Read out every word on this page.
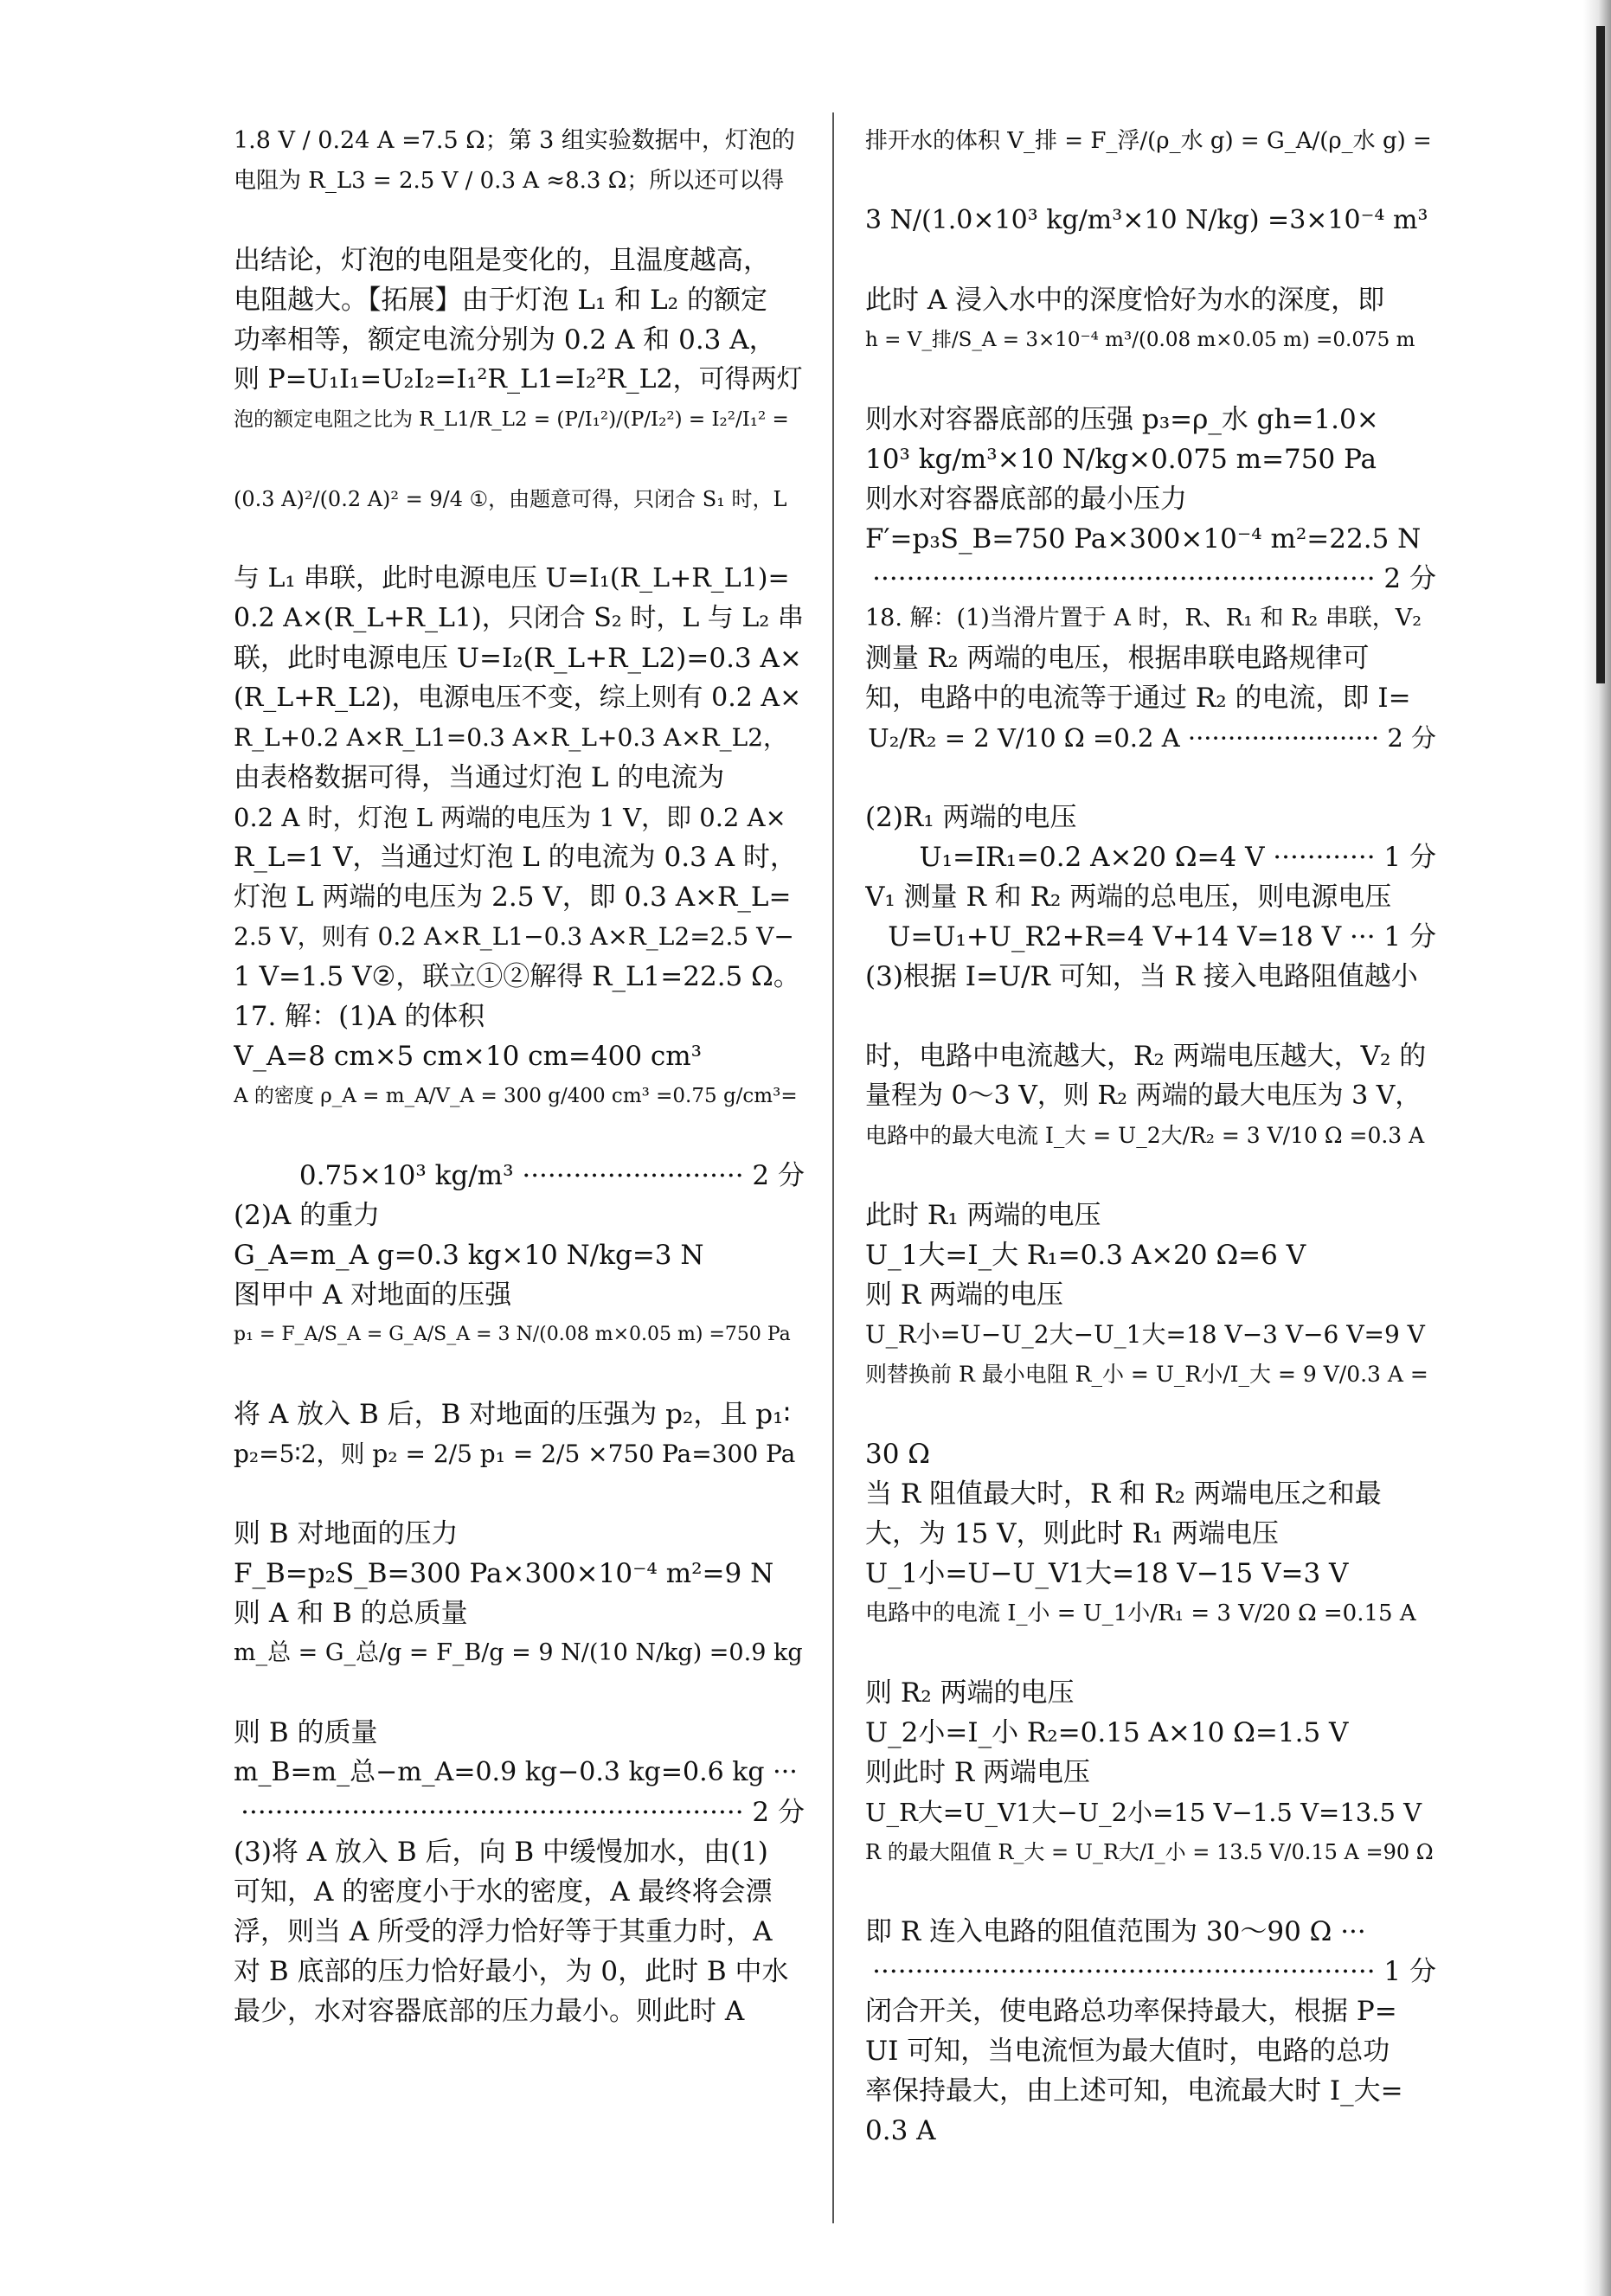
1.8 V / 0.24 A =7.5 Ω；第 3 组实验数据中，灯泡的
电阻为 R_L3 = 2.5 V / 0.3 A ≈8.3 Ω；所以还可以得
出结论，灯泡的电阻是变化的，且温度越高，
电阻越大。【拓展】由于灯泡 L₁ 和 L₂ 的额定
功率相等，额定电流分别为 0.2 A 和 0.3 A，
则 P=U₁I₁=U₂I₂=I₁²R_L1=I₂²R_L2，可得两灯
泡的额定电阻之比为 R_L1/R_L2 = (P/I₁²)/(P/I₂²) = I₂²/I₁² =
(0.3 A)²/(0.2 A)² = 9/4 ①，由题意可得，只闭合 S₁ 时，L
与 L₁ 串联，此时电源电压 U=I₁(R_L+R_L1)=
0.2 A×(R_L+R_L1)，只闭合 S₂ 时，L 与 L₂ 串
联，此时电源电压 U=I₂(R_L+R_L2)=0.3 A×
(R_L+R_L2)，电源电压不变，综上则有 0.2 A×
R_L+0.2 A×R_L1=0.3 A×R_L+0.3 A×R_L2，
由表格数据可得，当通过灯泡 L 的电流为
0.2 A 时，灯泡 L 两端的电压为 1 V，即 0.2 A×
R_L=1 V，当通过灯泡 L 的电流为 0.3 A 时，
灯泡 L 两端的电压为 2.5 V，即 0.3 A×R_L=
2.5 V，则有 0.2 A×R_L1−0.3 A×R_L2=2.5 V−
1 V=1.5 V②，联立①②解得 R_L1=22.5 Ω。
17. 解：(1)A 的体积
V_A=8 cm×5 cm×10 cm=400 cm³
A 的密度 ρ_A = m_A/V_A = 300 g/400 cm³ =0.75 g/cm³=
0.75×10³ kg/m³ ·························· 2 分
(2)A 的重力
G_A=m_A g=0.3 kg×10 N/kg=3 N
图甲中 A 对地面的压强
p₁ = F_A/S_A = G_A/S_A = 3 N/(0.08 m×0.05 m) =750 Pa
将 A 放入 B 后，B 对地面的压强为 p₂，且 p₁∶
p₂=5∶2，则 p₂ = 2/5 p₁ = 2/5 ×750 Pa=300 Pa
则 B 对地面的压力
F_B=p₂S_B=300 Pa×300×10⁻⁴ m²=9 N
则 A 和 B 的总质量
m_总 = G_总/g = F_B/g = 9 N/(10 N/kg) =0.9 kg
则 B 的质量
m_B=m_总−m_A=0.9 kg−0.3 kg=0.6 kg ···
··························································· 2 分
(3)将 A 放入 B 后，向 B 中缓慢加水，由(1)
可知，A 的密度小于水的密度，A 最终将会漂
浮，则当 A 所受的浮力恰好等于其重力时，A
对 B 底部的压力恰好最小，为 0，此时 B 中水
最少，水对容器底部的压力最小。则此时 A
排开水的体积 V_排 = F_浮/(ρ_水 g) = G_A/(ρ_水 g) =
3 N/(1.0×10³ kg/m³×10 N/kg) =3×10⁻⁴ m³
此时 A 浸入水中的深度恰好为水的深度，即
h = V_排/S_A = 3×10⁻⁴ m³/(0.08 m×0.05 m) =0.075 m
则水对容器底部的压强 p₃=ρ_水 gh=1.0×
10³ kg/m³×10 N/kg×0.075 m=750 Pa
则水对容器底部的最小压力
F′=p₃S_B=750 Pa×300×10⁻⁴ m²=22.5 N
··························································· 2 分
18. 解：(1)当滑片置于 A 时，R、R₁ 和 R₂ 串联，V₂
测量 R₂ 两端的电压，根据串联电路规律可
知，电路中的电流等于通过 R₂ 的电流，即 I=
U₂/R₂ = 2 V/10 Ω =0.2 A ························ 2 分
(2)R₁ 两端的电压
U₁=IR₁=0.2 A×20 Ω=4 V ············ 1 分
V₁ 测量 R 和 R₂ 两端的总电压，则电源电压
U=U₁+U_R2+R=4 V+14 V=18 V ··· 1 分
(3)根据 I=U/R 可知，当 R 接入电路阻值越小
时，电路中电流越大，R₂ 两端电压越大，V₂ 的
量程为 0～3 V，则 R₂ 两端的最大电压为 3 V，
电路中的最大电流 I_大 = U_2大/R₂ = 3 V/10 Ω =0.3 A
此时 R₁ 两端的电压
U_1大=I_大 R₁=0.3 A×20 Ω=6 V
则 R 两端的电压
U_R小=U−U_2大−U_1大=18 V−3 V−6 V=9 V
则替换前 R 最小电阻 R_小 = U_R小/I_大 = 9 V/0.3 A =
30 Ω
当 R 阻值最大时，R 和 R₂ 两端电压之和最
大，为 15 V，则此时 R₁ 两端电压
U_1小=U−U_V1大=18 V−15 V=3 V
电路中的电流 I_小 = U_1小/R₁ = 3 V/20 Ω =0.15 A
则 R₂ 两端的电压
U_2小=I_小 R₂=0.15 A×10 Ω=1.5 V
则此时 R 两端电压
U_R大=U_V1大−U_2小=15 V−1.5 V=13.5 V
R 的最大阻值 R_大 = U_R大/I_小 = 13.5 V/0.15 A =90 Ω
即 R 连入电路的阻值范围为 30～90 Ω ···
··························································· 1 分
闭合开关，使电路总功率保持最大，根据 P=
UI 可知，当电流恒为最大值时，电路的总功
率保持最大，由上述可知，电流最大时 I_大=
0.3 A
